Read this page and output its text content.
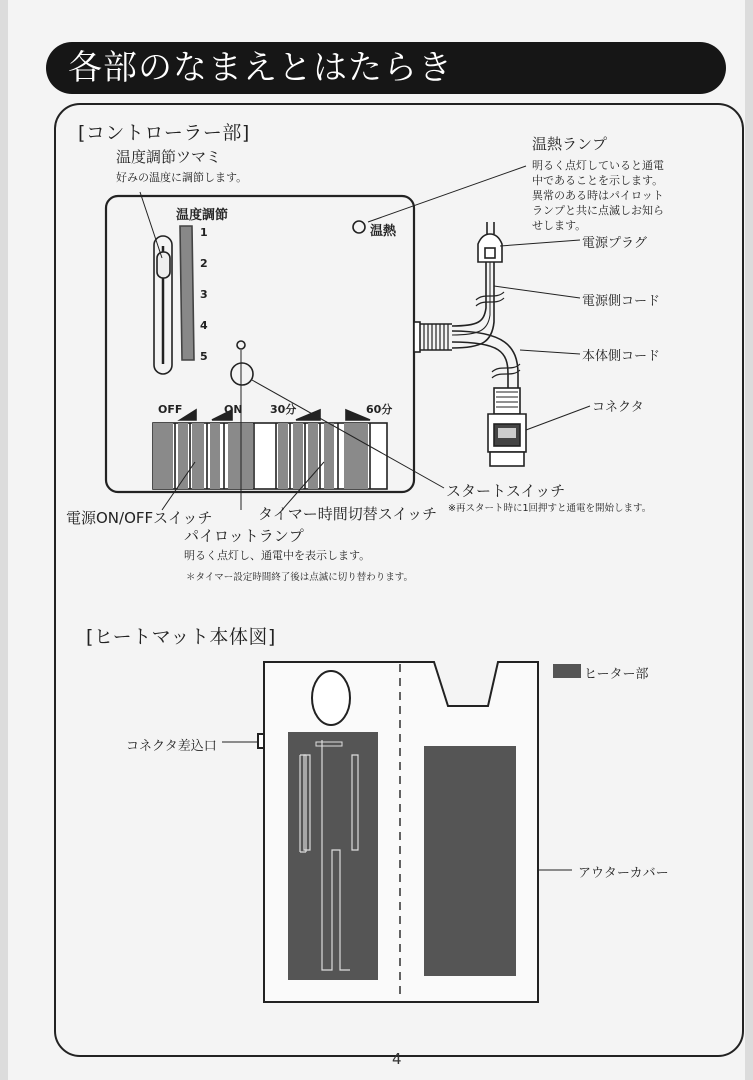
各部のなまえとはたらき
[コントローラー部]
温度調節ツマミ
好みの温度に調節します。
温度調節
1
2
3
4
5
温熱
OFF	ON 30分	60分
温熱ランプ
明るく点灯していると通電
中であることを示します。
異常のある時はパイロット
ランプと共に点滅しお知ら
せします。
電源プラグ
電源側コード
本体側コード
コネクタ
スタートスイッチ
※再スタート時に1回押すと通電を開始します。
電源ON/OFFスイッチ	タイマー時間切替スイッチ
パイロットランプ
明るく点灯し、通電中を表示します。
＊タイマー設定時間終了後は点滅に切り替わります。
[ヒートマット本体図]
ヒーター部
コネクタ差込口
アウターカバー
4
